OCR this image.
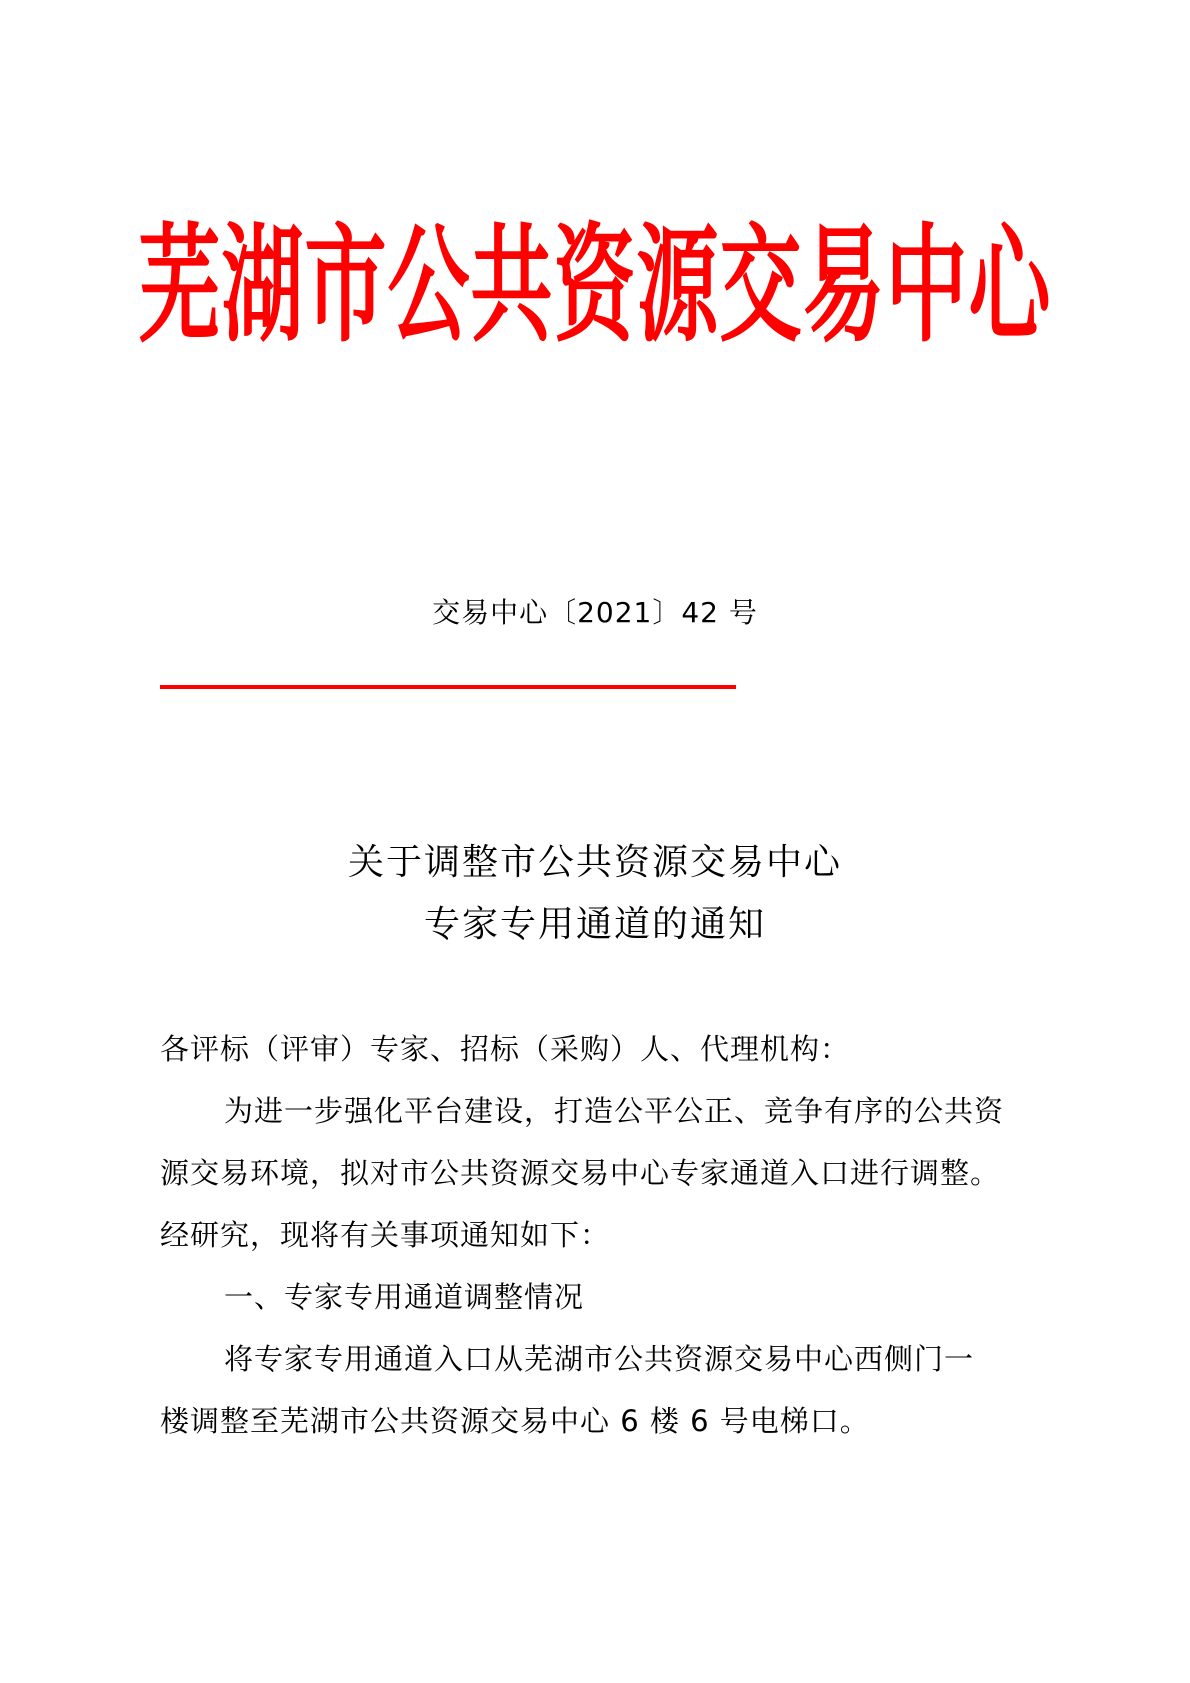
芜湖市公共资源交易中心
交易中心〔2021〕42 号
关于调整市公共资源交易中心
专家专用通道的通知
各评标（评审）专家、招标（采购）人、代理机构：
为进一步强化平台建设，打造公平公正、竞争有序的公共资
源交易环境，拟对市公共资源交易中心专家通道入口进行调整。
经研究，现将有关事项通知如下：
一、专家专用通道调整情况
将专家专用通道入口从芜湖市公共资源交易中心西侧门一
楼调整至芜湖市公共资源交易中心 6 楼 6 号电梯口。
